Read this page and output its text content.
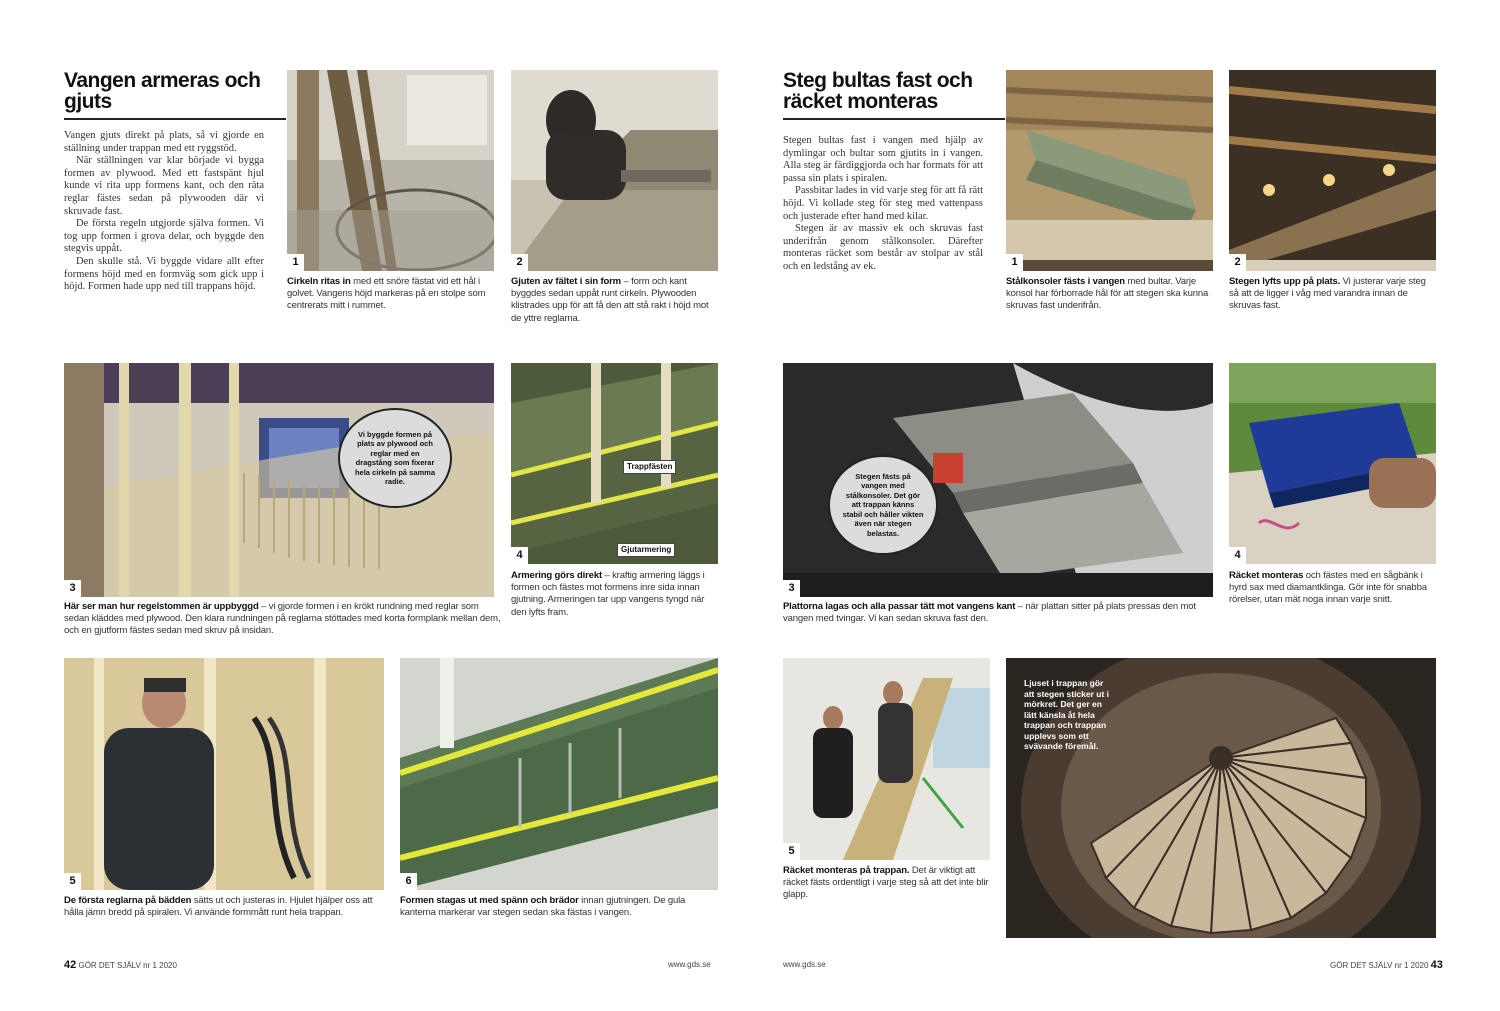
Vangen armeras och gjuts

Vangen gjuts direkt på plats, så vi gjorde en ställning under trappan med ett ryggstöd.

När ställningen var klar började vi bygga formen av plywood. Med ett fastspänt hjul kunde vi rita upp formens kant, och den räta reglar fästes sedan på plywooden där vi skruvade fast.

De första regeln utgjorde själva formen. Vi tog upp formen i grova delar, och byggde den stegvis uppåt.

Den skulle stå. Vi byggde vidare allt efter formens höjd med en formväg som gick upp i höjd. Formen hade upp ned till trappans höjd.

1
Cirkeln ritas in med ett snöre fästat vid ett hål i golvet. Vangens höjd markeras på en stolpe som centrerats mitt i rummet.
2
Gjuten av fältet i sin form – form och kant byggdes sedan uppåt runt cirkeln. Plywooden klistrades upp för att få den att stå rakt i höjd mot de yttre reglarna.
Vi byggde formen på plats av plywood och reglar med en dragstång som fixerar hela cirkeln på samma radie.
3
Här ser man hur regelstommen är uppbyggd – vi gjorde formen i en krökt rundning med reglar som sedan kläddes med plywood. Den klara rundningen på reglarna stöttades med korta formplank mellan dem, och en gjutform fästes sedan med skruv på insidan.
Trappfästen
Gjutarmering
4
Armering görs direkt – kraftig armering läggs i formen och fästes mot formens inre sida innan gjutning. Armeringen tar upp vangens tyngd när den lyfts fram.
5
De första reglarna på bädden sätts ut och justeras in. Hjulet hjälper oss att hålla jämn bredd på spiralen. Vi använde formmått runt hela trappan.
6
Formen stagas ut med spänn och brädor innan gjutningen. De gula kanterna markerar var stegen sedan ska fästas i vangen.
42 GÖR DET SJÄLV nr 1 2020	www.gds.se
Steg bultas fast och räcket monteras

Stegen bultas fast i vangen med hjälp av dymlingar och bultar som gjutits in i vangen. Alla steg är färdiggjorda och har formats för att passa sin plats i spiralen.

Passbitar lades in vid varje steg för att få rätt höjd. Vi kollade steg för steg med vattenpass och justerade efter hand med kilar.

Stegen är av massiv ek och skruvas fast underifrån genom stålkonsoler. Därefter monteras räcket som består av stolpar av stål och en ledstång av ek.	1
Stålkonsoler fästs i vangen med bultar. Varje konsol har förborrade hål för att stegen ska kunna skruvas fast underifrån.
2
Stegen lyfts upp på plats. Vi justerar varje steg så att de ligger i våg med varandra innan de skruvas fast.
Stegen fästs på vangen med stålkonsoler. Det gör att trappan känns stabil och håller vikten även när stegen belastas.
3
Plattorna lagas och alla passar tätt mot vangens kant – när plattan sitter på plats pressas den mot vangen med tvingar. Vi kan sedan skruva fast den.
4
Räcket monteras och fästes med en sågbänk i hyrd sax med diamantklinga. Gör inte för snabba rörelser, utan mät noga innan varje snitt.
5
Räcket monteras på trappan. Det är viktigt att räcket fästs ordentligt i varje steg så att det inte blir glapp.
Ljuset i trappan gör att stegen sticker ut i mörkret. Det ger en lätt känsla åt hela trappan och trappan upplevs som ett svävande föremål.
www.gds.se	GÖR DET SJÄLV nr 1 2020 43
